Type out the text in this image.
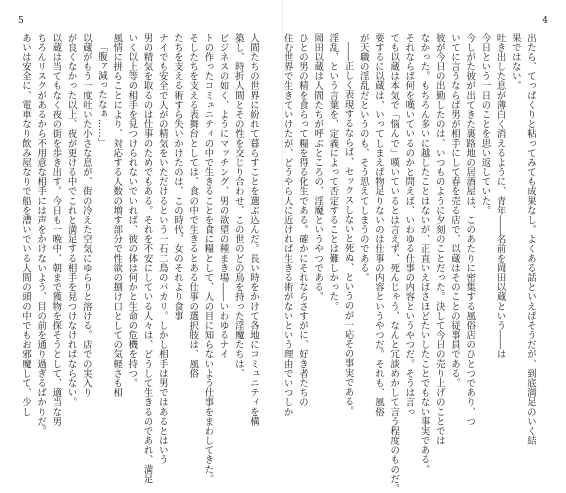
5
人間たちの世界に紛れて暮らすことを選ぶ込んだ。長い時をかけて各地にコミュニティを構
築し、時折人間とその性を交じり合わせ、この世のどの鳥を持った淫魔たちは、
ビジネスの如く、ようにマッチング、男の欲望の種まき場――いわゆるナイ
トの作ったコミュニティの中で生きることを食に糧として、人の目に知らないよう仕事をまわしてきた。
そしたちを支える表舞台としては、食の中で生きるとある仕事の選択肢は、風俗
たちを支える術すら失いかけたのは、この時代、女のそれより食事
ナイでも安全で人がの精気をいただけるという一石二鳥のバカリ。しかし相手は男ではあるとはいう
男の精気を取るのは仕事のためでもある。それを不安にしている人々は、どうして生きるのであれ、満足
いく以上等の相手を見つけられないでいれば、彼の体は何かと生命の危機を持つ。
風情に拼らことにより、対応する人数の増す部分で性欲の捌け口としての気軽さも相
「腹ァ減ったなぁ……」
以蔵がもう一度吐いた小さな息が、街の冷えた空気にゆらりと溶ける。店での実入り
が良くなかった以上、夜が更ける中でこれと満足する相手を見つけなければならない。
以蔵は当てもなく夜の街を歩き出す。今日も一晩中、朝まで獲物を探そうとして、適当な男
ちろんリスクがあるから不用意な相手には声をかけないよう、目の前を通り過ぎるばかりだ。
あいは安全に、電車なり飲み屋なりで船を漕いでいる人間の頭の中でもお邪魔して、少し
4
出たら、てっぱくりと粘ってみても成果なし。よくある話といえばそうだが、到底満足のいく結
果ではない。
吐き出した息が薄白く消えるように、青年――名前を岡田以蔵という――は
今日という一日のことを思い返していた。
今しがた彼が出てきた裏路地の居酒屋は、このあたりに密集する風俗店のひとつであり、つ
いてに言うならば男が相手にして春を売る店で、以蔵はそのことの従事員である。
彼が今日の出勤したのは、いつものように夕刻のことだった。決して今日の売り上げのことでは
なかった。もちろん多いに越したことはないが、正直いえばさほどたいしたことでもない事実である。
それならば何を嘆いているのかと問えば、いわゆる仕事の内容というやつだ。そうは言っ
ても以蔵は本気で「悩んで」嘆いているとは言えず、死んじゃう、なんと冗談めかして言う程度のものだ。
要するに以蔵は、いってしまえば物足りないのは仕事の内容というやつだ。それも、風俗
が天職の淫乱だというのも、そう思えてしまうのである。
――正しく表現するならば、セックスしないと死ぬ、というのが一応その事実である。
淫乱、という言葉を、定義によって否定することは難しかった。
岡田以蔵は人間たちが呼ぶところの、淫魔というやつである。
ひとの男の精を食らって糧を得る化生である。確かにそれならさすがに、好き者たちの
住む世界で生きていけたが、どうやら人に近ければ生きる術がないという理由でいつしか
